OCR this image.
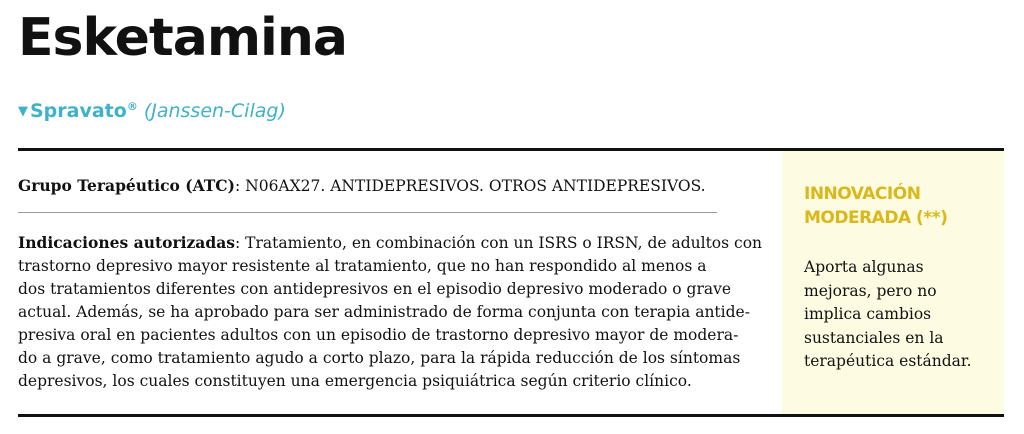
Esketamina
▼ Spravato® (Janssen-Cilag)
Grupo Terapéutico (ATC): N06AX27. ANTIDEPRESIVOS. OTROS ANTIDEPRESIVOS.
Indicaciones autorizadas: Tratamiento, en combinación con un ISRS o IRSN, de adultos con
trastorno depresivo mayor resistente al tratamiento, que no han respondido al menos a
dos tratamientos diferentes con antidepresivos en el episodio depresivo moderado o grave
actual. Además, se ha aprobado para ser administrado de forma conjunta con terapia antide-
presiva oral en pacientes adultos con un episodio de trastorno depresivo mayor de modera-
do a grave, como tratamiento agudo a corto plazo, para la rápida reducción de los síntomas
depresivos, los cuales constituyen una emergencia psiquiátrica según criterio clínico.
INNOVACIÓN
MODERADA (**)
Aporta algunas
mejoras, pero no
implica cambios
sustanciales en la
terapéutica estándar.
